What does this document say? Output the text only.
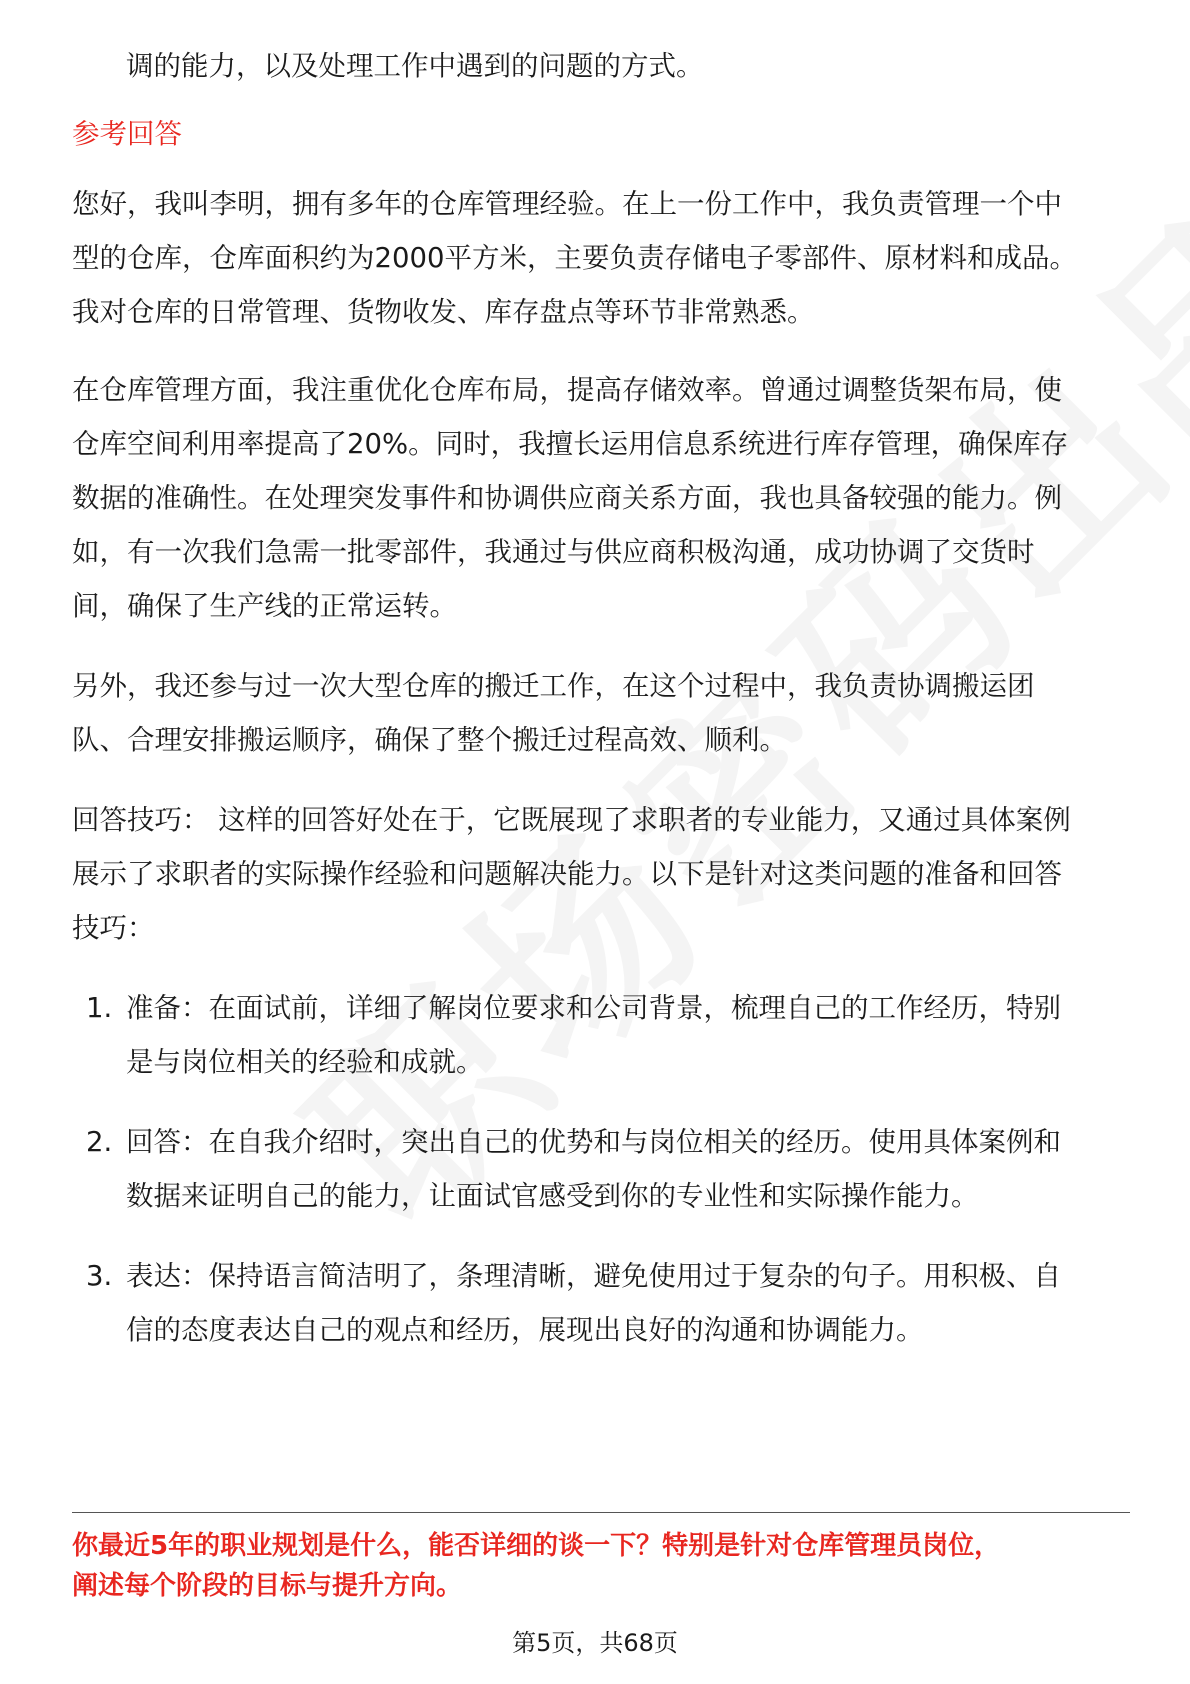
调的能力，以及处理工作中遇到的问题的方式。
参考回答
您好，我叫李明，拥有多年的仓库管理经验。在上一份工作中，我负责管理一个中
型的仓库，仓库面积约为2000平方米，主要负责存储电子零部件、原材料和成品。
我对仓库的日常管理、货物收发、库存盘点等环节非常熟悉。
在仓库管理方面，我注重优化仓库布局，提高存储效率。曾通过调整货架布局，使
仓库空间利用率提高了20%。同时，我擅长运用信息系统进行库存管理，确保库存
数据的准确性。在处理突发事件和协调供应商关系方面，我也具备较强的能力。例
如，有一次我们急需一批零部件，我通过与供应商积极沟通，成功协调了交货时
间，确保了生产线的正常运转。
另外，我还参与过一次大型仓库的搬迁工作，在这个过程中，我负责协调搬运团
队、合理安排搬运顺序，确保了整个搬迁过程高效、顺利。
回答技巧： 这样的回答好处在于，它既展现了求职者的专业能力，又通过具体案例
展示了求职者的实际操作经验和问题解决能力。以下是针对这类问题的准备和回答
技巧：
1. 准备：在面试前，详细了解岗位要求和公司背景，梳理自己的工作经历，特别
是与岗位相关的经验和成就。
2. 回答：在自我介绍时，突出自己的优势和与岗位相关的经历。使用具体案例和
数据来证明自己的能力，让面试官感受到你的专业性和实际操作能力。
3. 表达：保持语言简洁明了，条理清晰，避免使用过于复杂的句子。用积极、自
信的态度表达自己的观点和经历，展现出良好的沟通和协调能力。
你最近5年的职业规划是什么，能否详细的谈一下？特别是针对仓库管理员岗位，
阐述每个阶段的目标与提升方向。
第5页，共68页
